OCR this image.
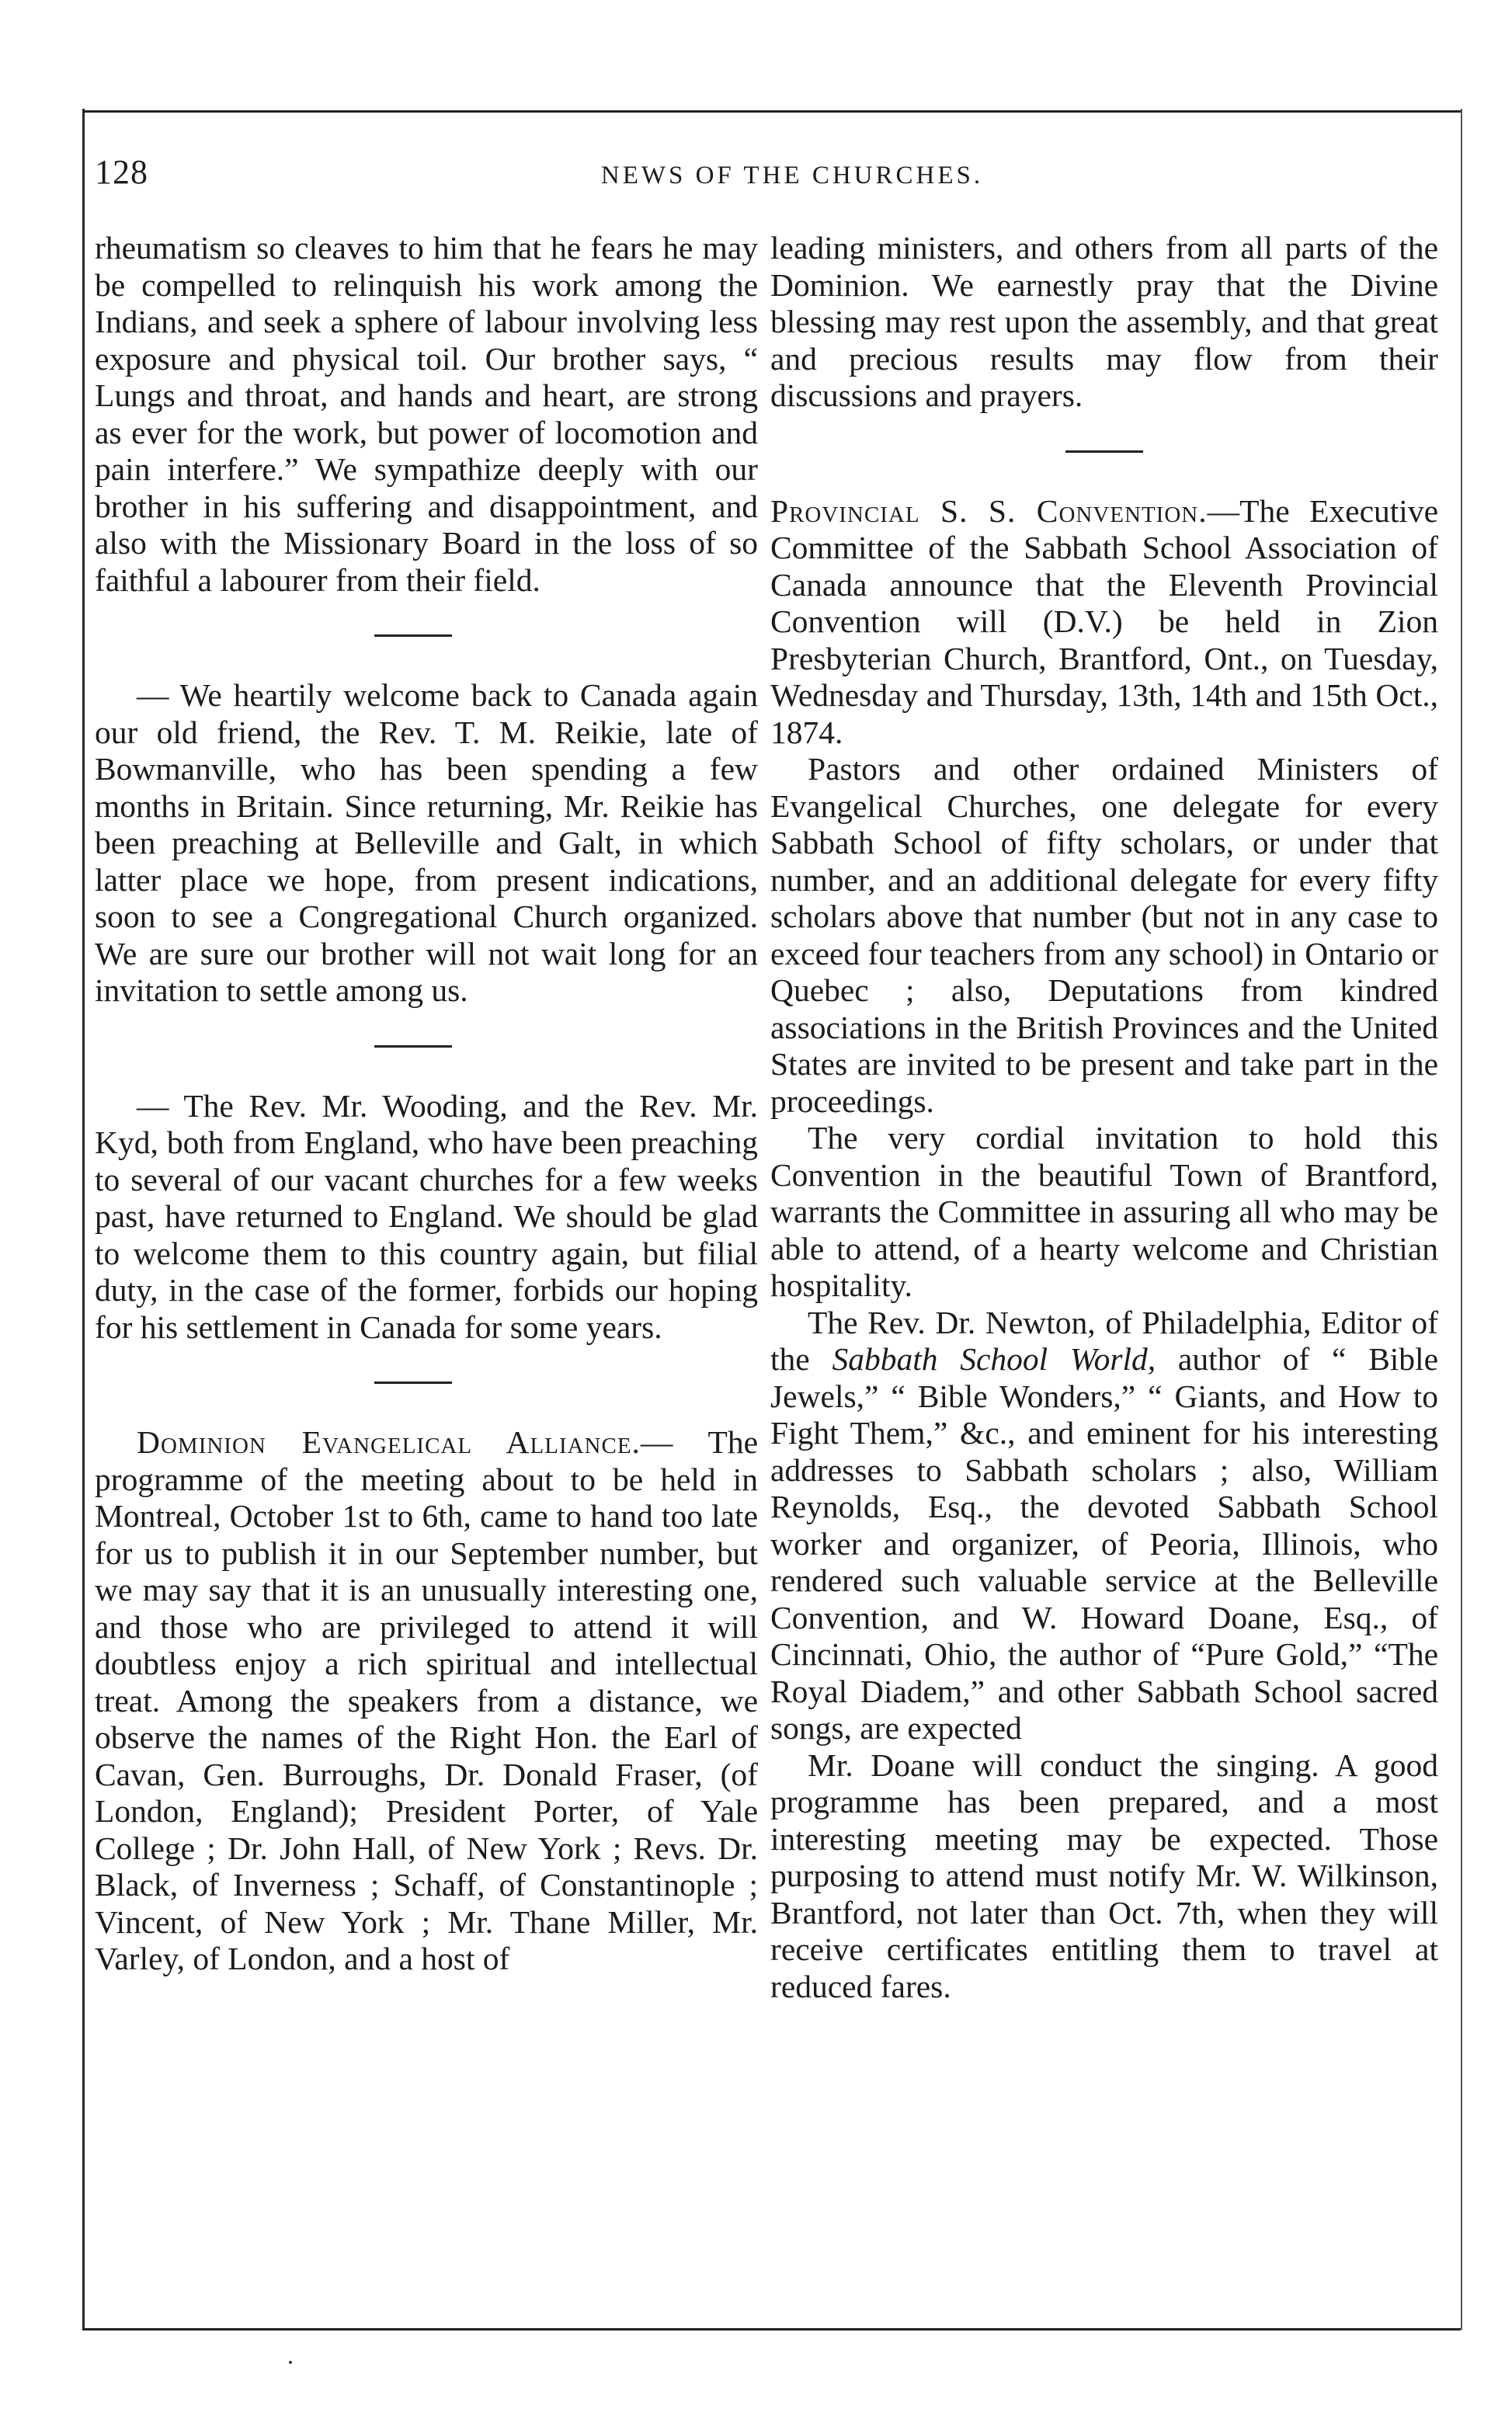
128	NEWS OF THE CHURCHES.

rheumatism so cleaves to him that he fears he may be compelled to relinquish his work among the Indians, and seek a sphere of labour involving less exposure and physical toil. Our brother says, “ Lungs and throat, and hands and heart, are strong as ever for the work, but power of locomotion and pain interfere.” We sympathize deeply with our brother in his suffering and disappointment, and also with the Missionary Board in the loss of so faithful a labourer from their field.

— We heartily welcome back to Canada again our old friend, the Rev. T. M. Reikie, late of Bowmanville, who has been spending a few months in Britain. Since returning, Mr. Reikie has been preaching at Belleville and Galt, in which latter place we hope, from present indications, soon to see a Congregational Church organized. We are sure our brother will not wait long for an invitation to settle among us.

— The Rev. Mr. Wooding, and the Rev. Mr. Kyd, both from England, who have been preaching to several of our vacant churches for a few weeks past, have returned to England. We should be glad to welcome them to this country again, but filial duty, in the case of the former, forbids our hoping for his settlement in Canada for some years.

Dominion Evangelical Alliance.— The programme of the meeting about to be held in Montreal, October 1st to 6th, came to hand too late for us to publish it in our September number, but we may say that it is an unusually interesting one, and those who are privileged to attend it will doubtless enjoy a rich spiritual and intellectual treat. Among the speakers from a distance, we observe the names of the Right Hon. the Earl of Cavan, Gen. Burroughs, Dr. Donald Fraser, (of London, England); President Porter, of Yale College ; Dr. John Hall, of New York ; Revs. Dr. Black, of Inverness ; Schaff, of Constantinople ; Vincent, of New York ; Mr. Thane Miller, Mr. Varley, of London, and a host of

leading ministers, and others from all parts of the Dominion. We earnestly pray that the Divine blessing may rest upon the assembly, and that great and precious results may flow from their discussions and prayers.

Provincial S. S. Convention.—The Executive Committee of the Sabbath School Association of Canada announce that the Eleventh Provincial Convention will (D.V.) be held in Zion Presbyterian Church, Brantford, Ont., on Tuesday, Wednesday and Thursday, 13th, 14th and 15th Oct., 1874.

Pastors and other ordained Ministers of Evangelical Churches, one delegate for every Sabbath School of fifty scholars, or under that number, and an additional delegate for every fifty scholars above that number (but not in any case to exceed four teachers from any school) in Ontario or Quebec ; also, Deputations from kindred associations in the British Provinces and the United States are invited to be present and take part in the proceedings.

The very cordial invitation to hold this Convention in the beautiful Town of Brantford, warrants the Committee in assuring all who may be able to attend, of a hearty welcome and Christian hospitality.

The Rev. Dr. Newton, of Philadelphia, Editor of the Sabbath School World, author of “ Bible Jewels,” “ Bible Wonders,” “ Giants, and How to Fight Them,” &c., and eminent for his interesting addresses to Sabbath scholars ; also, William Reynolds, Esq., the devoted Sabbath School worker and organizer, of Peoria, Illinois, who rendered such valuable service at the Belleville Convention, and W. Howard Doane, Esq., of Cincinnati, Ohio, the author of “Pure Gold,” “The Royal Diadem,” and other Sabbath School sacred songs, are expected

Mr. Doane will conduct the singing. A good programme has been prepared, and a most interesting meeting may be expected. Those purposing to attend must notify Mr. W. Wilkinson, Brantford, not later than Oct. 7th, when they will receive certificates entitling them to travel at reduced fares.
